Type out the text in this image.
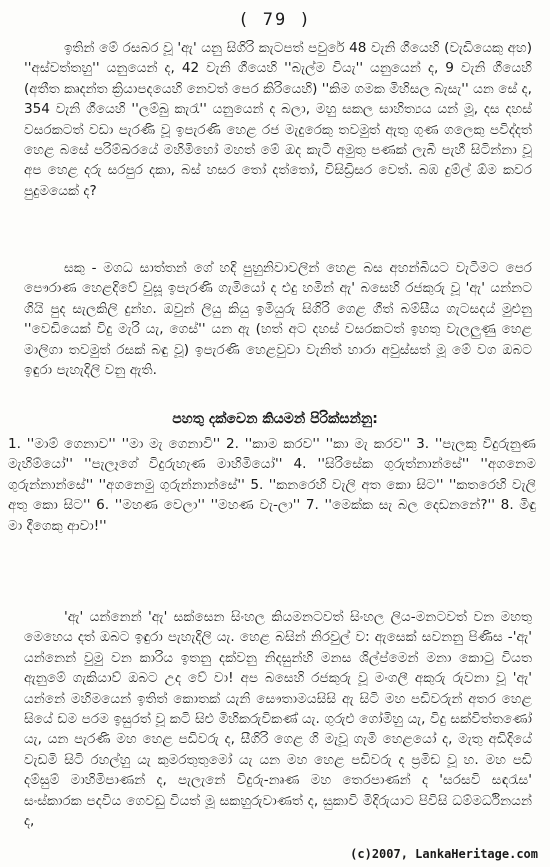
( 79 )

ඉතින් මේ රසබර වූ 'ඇ' යනු සිගිරි කැටපත් පවුරේ 48 වැනි ගීයෙහි (වැඩියෙකු අහ) ''අස්වත්තහු'' යනුයෙන් ද, 42 වැනි ගීයෙහි ''බැල්ම වියැ'' යනුයෙන් ද, 9 වැනි ගීයෙහි (අතීත කෘදන්ත ක්‍රියාපදයෙහි නෙවත් පෙර කිරියෙහි) ''කිම ගමක මිහිසල බැසැ'' යන සේ ද, 354 වැනි ගීයෙහි ''ලම්බු කැරැ'' යනුයෙන් ද බලා, මහු සකල සාහිත්‍යය යන් මූ, දස දහස් වසරකටත් වඩා පැරණි වූ ඉපැරණි හෙළ රජ මැදුරෙකු තවමුත් ඇතු ගුණ ගලෙකු පවිද්දත් හෙළ බසේ පරිම්ඛරයේ මහිමිහෝ මහත් මේ ඔද කැටී අමුතු පණක් ලැබී පැහී සිටින්නා වූ අප හෙළ දරු සරපුර දකා, බස් හසර තෝ දත්තෝ, විසිඩ්‍රිසර වෙත්. බඹ දුම්ල් ඕම කවර පුදුමයෙක් ද?

සකු - මගධ සාත්තන් ගේ හදි පුහුනිවාවලින් හෙළ බස අහන්බියට වැටීමට පෙර පෞරාණ හෙළදිවේ වුසූ ඉපැරණි ගැමියෝ ද එදු හමින් ඇ' බසෙහි රජකුරු වූ 'ඇ' යන්නට ගියි පුද සැලකිලි දුන්හ. ඔවුන් ලියු කියු ඉමියුරු සිගිරි ගෙළ ගීත් බම්සීය ගැටසදය් මුළුනු ''වෙඩියෙක් විදු මැරි යැ, ගෙස්'' යන ඇ (හත් අට දහස් වසරකටත් ඉහතු වැලලුණු හෙළ මාලිගා තවමුත් රසක් බඳු වූ) ඉපැරණි හෙළවුවා වැනිත් හාරා අවුස්සත් මූ මේ වග ඔබට ඉඳුරා පැහැදිලි වනු ඇති.

පහතු දක්වෙන කියමන් පිරික්සන්නු:

1. ''මාම් ගෙනාව'' ''මා මැ ගෙනාවි'' 2. ''කාම කරව'' ''කා මැ කරව'' 3. ''පැලකු විදුරුනුණ මැහිම්යෝ'' ''පැලෑගේ විදුරුහැණ මාහිමියෝ'' 4. ''සිරිසේක ගුරුත්නාන්සේ'' ''අගනෙම ගුරුන්නාන්සේ'' ''අගනෙමු ගුරුන්නාන්සේ'' 5. ''කනරෙහි වැලි අත කො සිට'' ''කතරෙහි වැලි අතු කො සිට'' 6. ''මහණ වෙලා'' ''මහණ වැ-ලා'' 7. ''මෙක්ක සැ බල දෙඩනනේ?'' 8. මිඳු මා දීගෙකු ආවා!''

'ඇ' යන්නෙන් 'ඇ' සක්සෙන සිංහල කියමනටවත් සිංහල ලිය-මනටවත් වන මහතු මෙහෙය දත් ඔබට ඉඳුරා පැහැදිලි යැ. හෙළ බසින් නිරවුල් ව: ඇසෙක් සවනනු පිණිස -'ඇ' යන්නෙන් වුමු වන කාරිය ඉතනු දක්වනු නිදසුන්හි මනස ශිල්ප්මෙන් මනා කොටු වියත ඇනුමේ ගැකියාව් ඔබට උද වේ වා! අප බසෙහි රජකුරු වූ මංගලී අකුරු රුවනා වූ 'ඇ' යන්නේ මහිමයෙන් ඉතිත් කොතක් යැනි සෞතාමයසිසි ඇ සිටි මහ පඩිවරුන් අතර හෙළ සියේ ඩම පරම ඉසුරත් වූ කටි සිළු මිහිකරුවිකණ් යැ. ගුරුළු ගෝමිහු යැ, විදු සක්විත්තණෝ යැ, යන පැරණි මහ හෙළ පඩිවරු ද, සීගිරි ගෙළ ගි මැවූ ගැමි හෙළයෝ ද, මැතු අඩිදියේ වැඩමි සිටි රහල්හු යැ කුමරතුතුමෝ යැ යන මහ හෙළ පඩිවරු ද ප්‍රමිඩ වූ හ. මහ පඩි දම්සුම් මාහිමිපාණන් ද, පැලැනේ විදුරු-නෘණ මහ තෙරපාණන් ද 'සරසවි සඳරැස' සංස්කාරක පදවිය ගෙවඩු වියත් මූ සකහුරුවාණත් ද, සුකාවි මිදිරුයාට පිවිසි ධම්මර්ධිනයන් ද,

(c)2007, LankaHeritage.com
